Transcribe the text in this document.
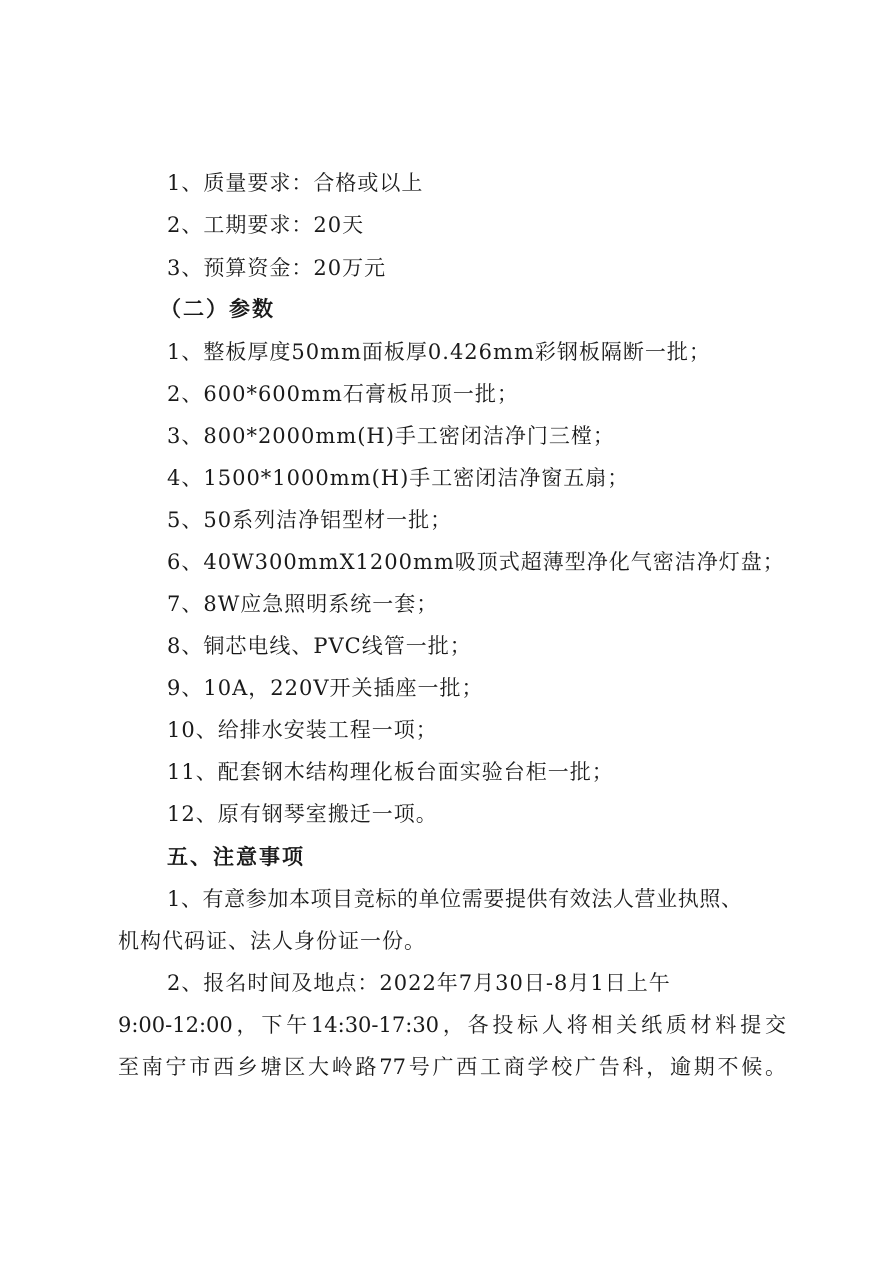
1、质量要求：合格或以上
2、工期要求：20天
3、预算资金：20万元
（二）参数
1、整板厚度50mm面板厚0.426mm彩钢板隔断一批；
2、600*600mm石膏板吊顶一批；
3、800*2000mm(H)手工密闭洁净门三樘；
4、1500*1000mm(H)手工密闭洁净窗五扇；
5、50系列洁净铝型材一批；
6、40W300mmX1200mm吸顶式超薄型净化气密洁净灯盘；
7、8W应急照明系统一套；
8、铜芯电线、PVC线管一批；
9、10A，220V开关插座一批；
10、给排水安装工程一项；
11、配套钢木结构理化板台面实验台柜一批；
12、原有钢琴室搬迁一项。
五、注意事项
1、有意参加本项目竞标的单位需要提供有效法人营业执照、
机构代码证、法人身份证一份。
2、报名时间及地点：2022年7月30日-8月1日上午
9:00-12:00，下午14:30-17:30，各投标人将相关纸质材料提交
至南宁市西乡塘区大岭路77号广西工商学校广告科，逾期不候。
